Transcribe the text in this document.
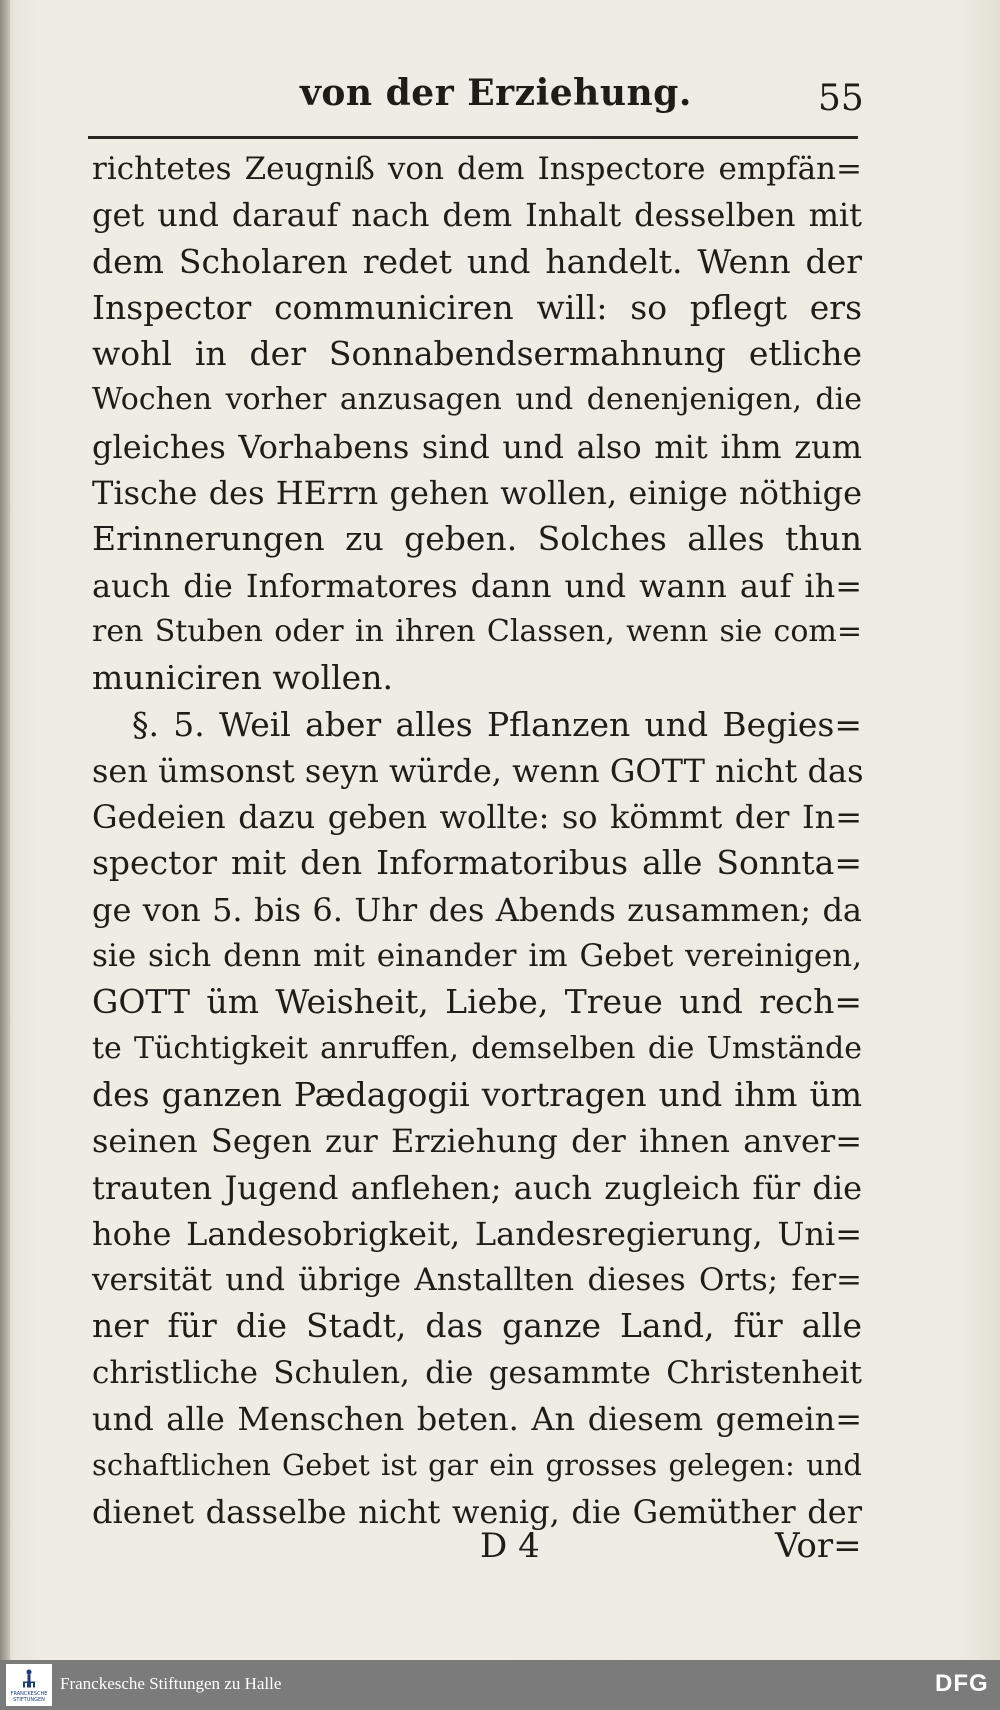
von der Erziehung.	55
richtetes Zeugniß von dem Inspectore empfän=
get und darauf nach dem Inhalt desselben mit
dem Scholaren redet und handelt. Wenn der
Inspector communiciren will: so pflegt ers
wohl in der Sonnabendsermahnung etliche
Wochen vorher anzusagen und denenjenigen, die
gleiches Vorhabens sind und also mit ihm zum
Tische des HErrn gehen wollen, einige nöthige
Erinnerungen zu geben. Solches alles thun
auch die Informatores dann und wann auf ih=
ren Stuben oder in ihren Classen, wenn sie com=
municiren wollen.
§. 5. Weil aber alles Pflanzen und Begies=
sen ümsonst seyn würde, wenn GOTT nicht das
Gedeien dazu geben wollte: so kömmt der In=
spector mit den Informatoribus alle Sonnta=
ge von 5. bis 6. Uhr des Abends zusammen; da
sie sich denn mit einander im Gebet vereinigen,
GOTT üm Weisheit, Liebe, Treue und rech=
te Tüchtigkeit anruffen, demselben die Umstände
des ganzen Pædagogii vortragen und ihm üm
seinen Segen zur Erziehung der ihnen anver=
trauten Jugend anflehen; auch zugleich für die
hohe Landesobrigkeit, Landesregierung, Uni=
versität und übrige Anstallten dieses Orts; fer=
ner für die Stadt, das ganze Land, für alle
christliche Schulen, die gesammte Christenheit
und alle Menschen beten. An diesem gemein=
schaftlichen Gebet ist gar ein grosses gelegen: und
dienet dasselbe nicht wenig, die Gemüther der
D 4	Vor=
FRANCKESCHE STIFTUNGEN
Franckesche Stiftungen zu Halle	DFG
